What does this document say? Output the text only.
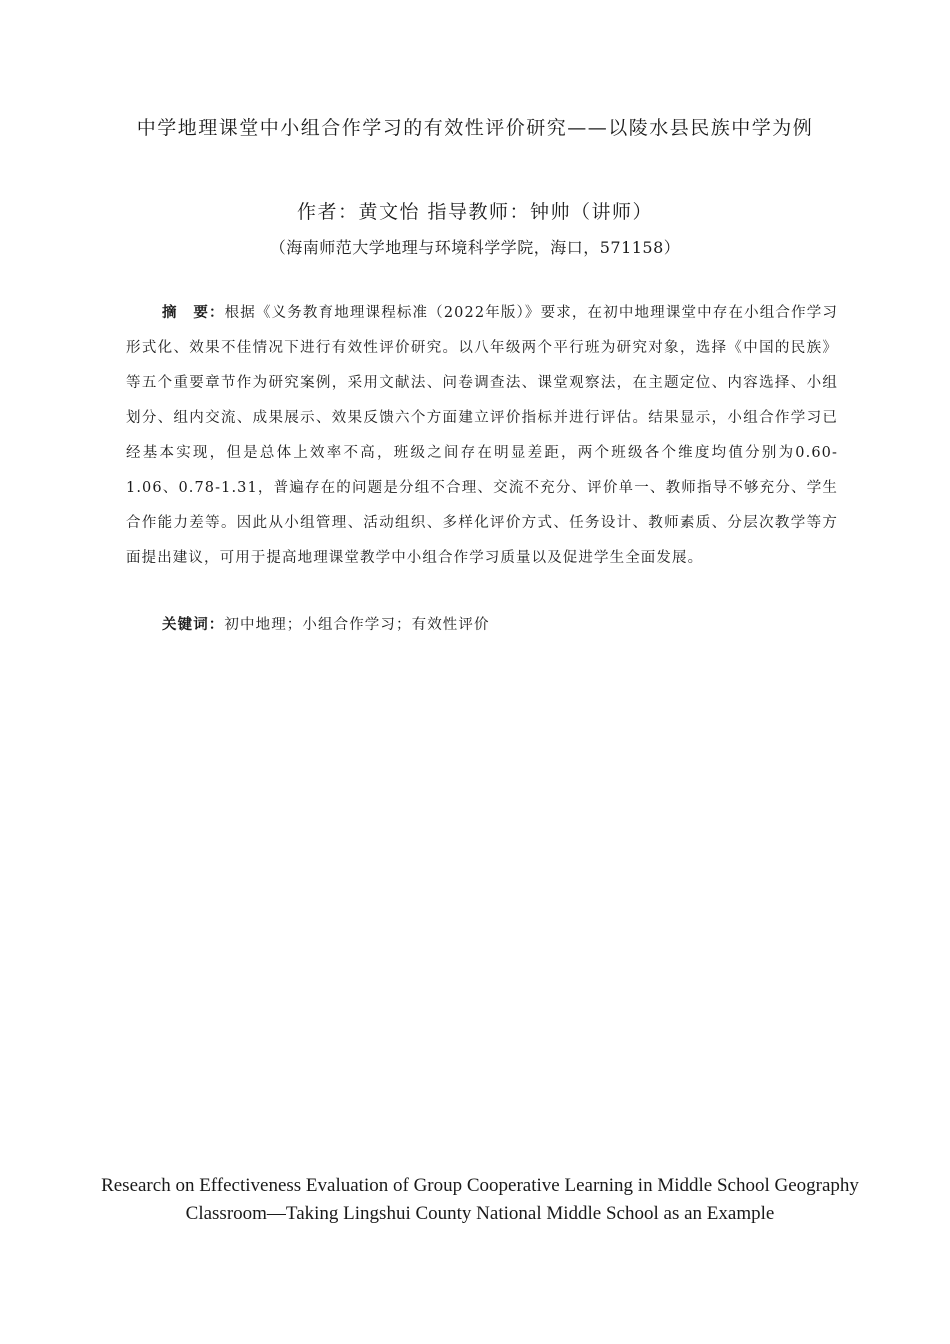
中学地理课堂中小组合作学习的有效性评价研究——以陵水县民族中学为例

作者：黄文怡 指导教师：钟帅（讲师）

（海南师范大学地理与环境科学学院，海口，571158）

摘　要：根据《义务教育地理课程标准（2022年版）》要求，在初中地理课堂中存在小组合作学习形式化、效果不佳情况下进行有效性评价研究。以八年级两个平行班为研究对象，选择《中国的民族》等五个重要章节作为研究案例，采用文献法、问卷调查法、课堂观察法，在主题定位、内容选择、小组划分、组内交流、成果展示、效果反馈六个方面建立评价指标并进行评估。结果显示，小组合作学习已经基本实现，但是总体上效率不高，班级之间存在明显差距，两个班级各个维度均值分别为0.60-1.06、0.78-1.31，普遍存在的问题是分组不合理、交流不充分、评价单一、教师指导不够充分、学生合作能力差等。因此从小组管理、活动组织、多样化评价方式、任务设计、教师素质、分层次教学等方面提出建议，可用于提高地理课堂教学中小组合作学习质量以及促进学生全面发展。

关键词：初中地理；小组合作学习；有效性评价

Research on Effectiveness Evaluation of Group Cooperative Learning in Middle School Geography Classroom—Taking Lingshui County National Middle School as an Example
